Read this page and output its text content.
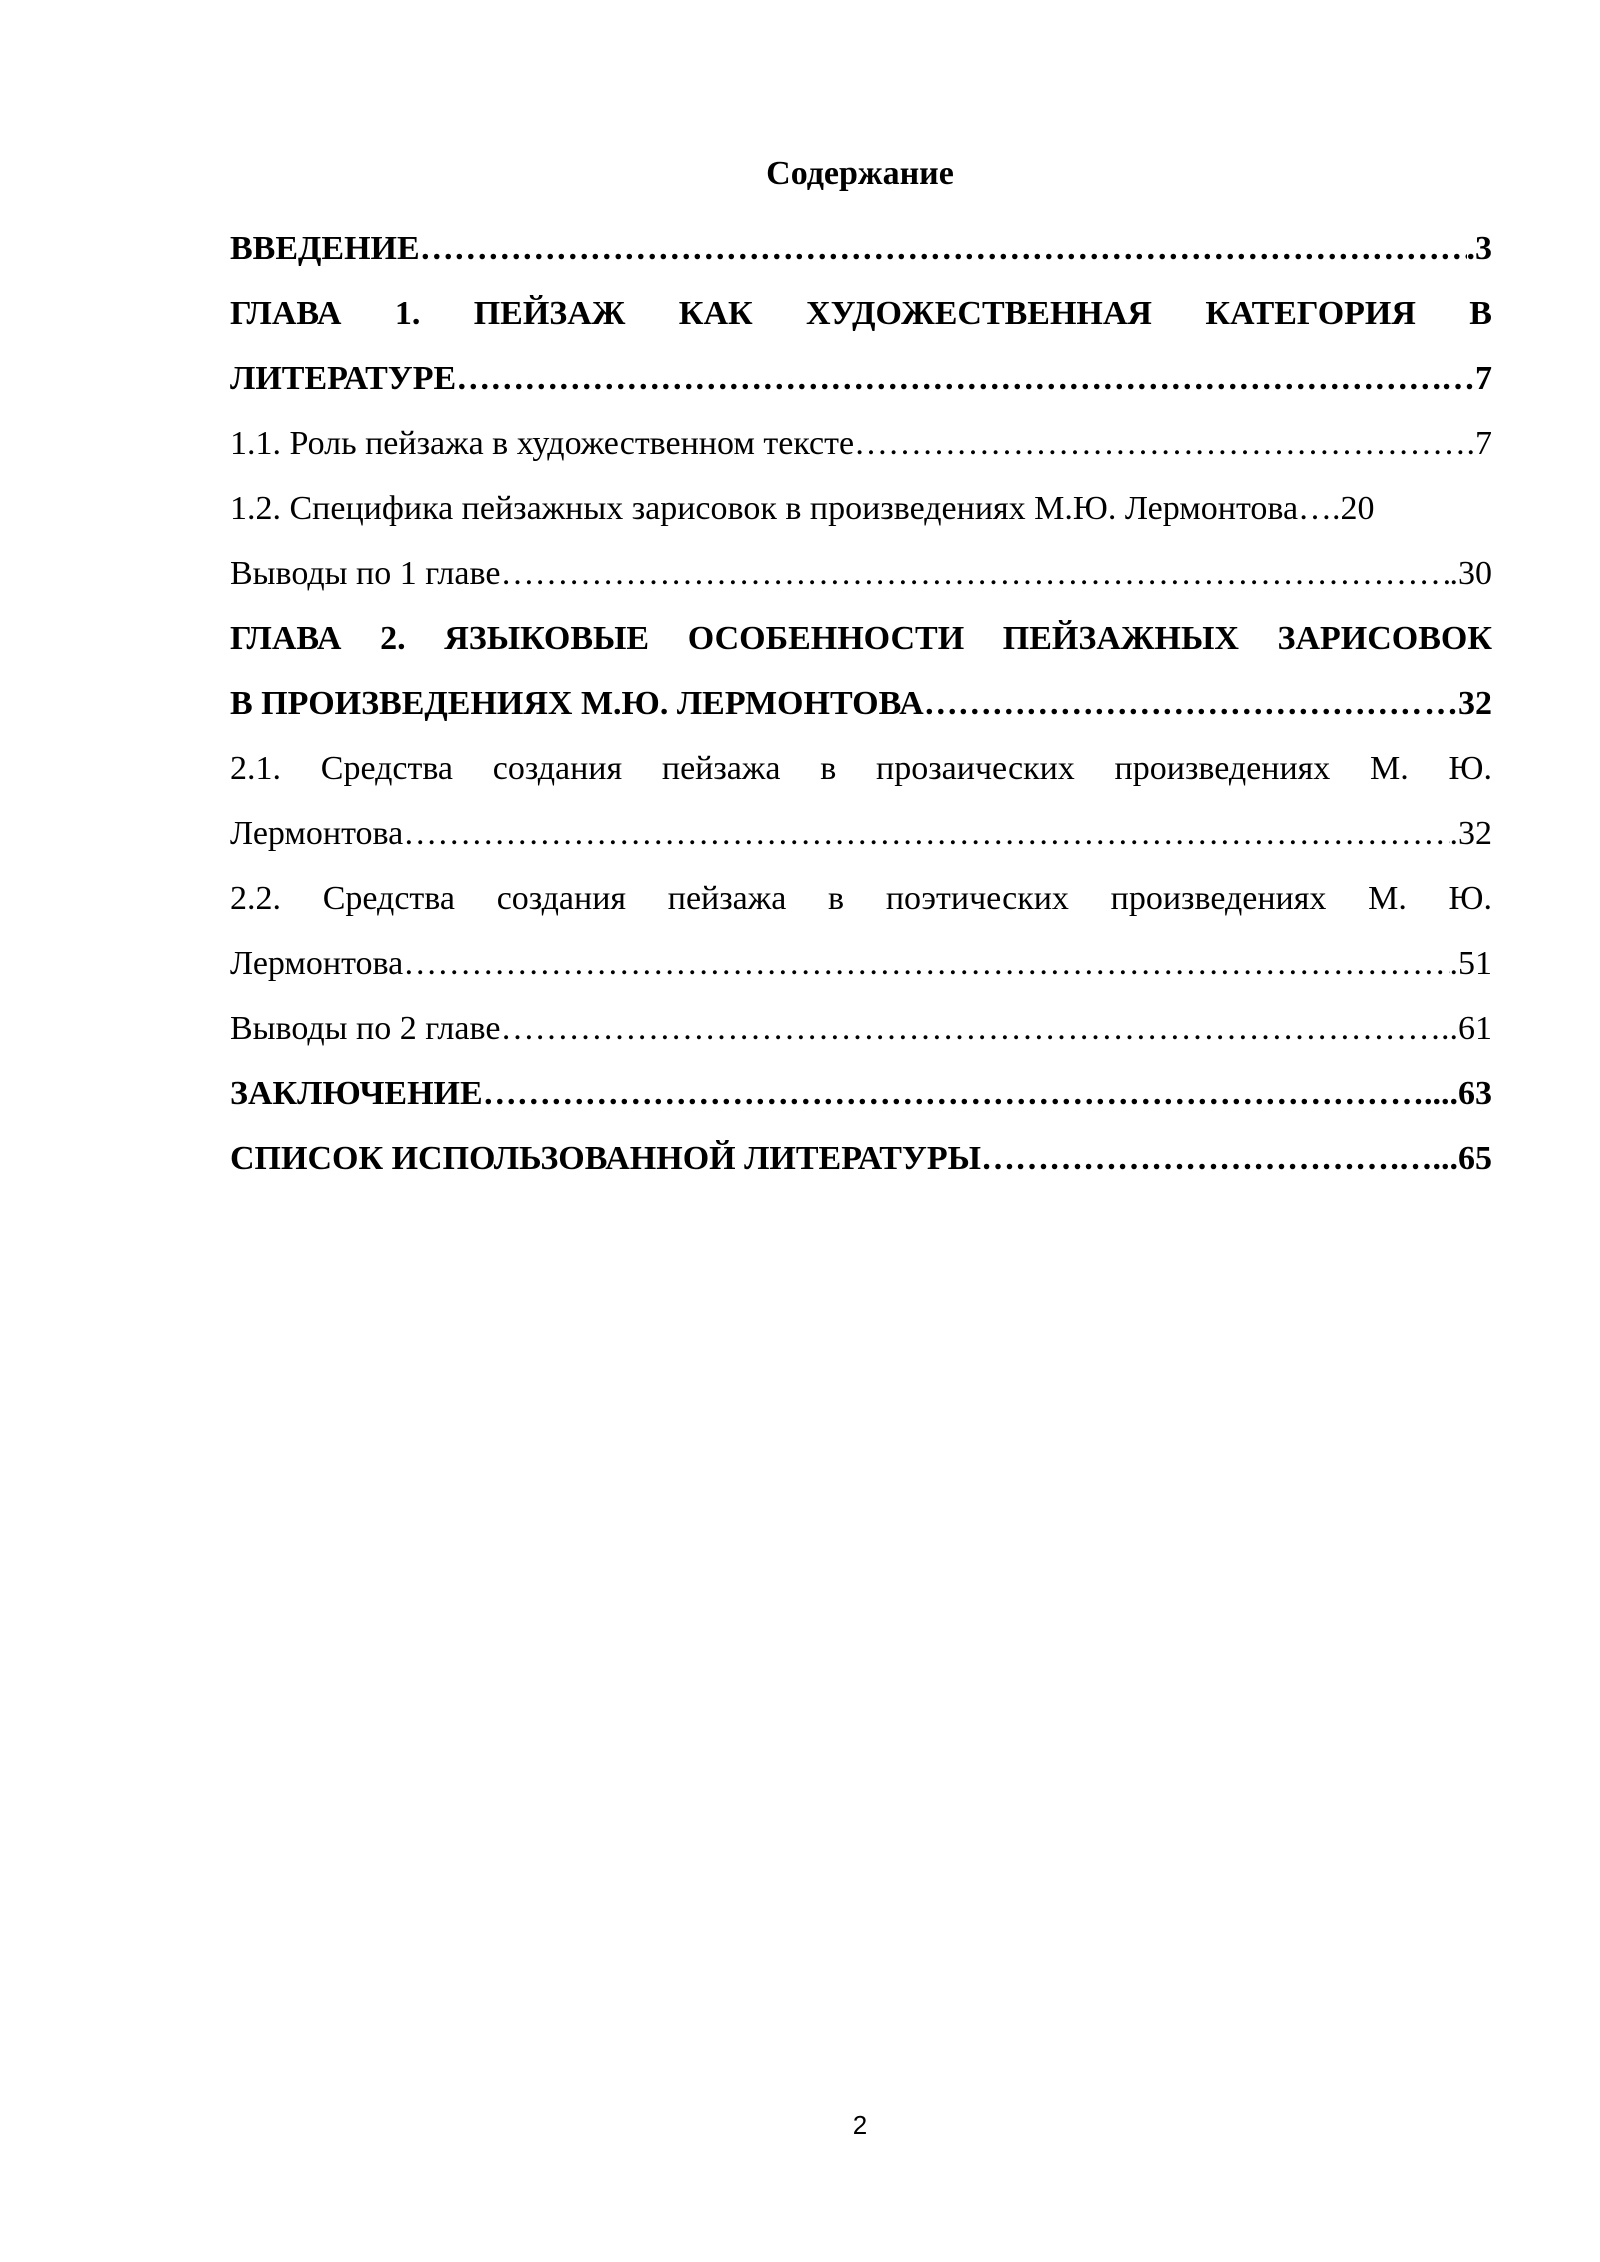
Содержание
ВВЕДЕНИЕ ……………………………………………………………………………………………………………………………………………………………………………………………………	.3
ГЛАВА 1. ПЕЙЗАЖ КАК ХУДОЖЕСТВЕННАЯ КАТЕГОРИЯ В
ЛИТЕРАТУРЕ ……………………………………………………………………………………………………………………………………………………………………………………………………	…7
1.1. Роль пейзажа в художественном тексте ……………………………………………………………………………………………………………………………………………………………………………………………………	.7
1.2. Специфика пейзажных зарисовок в произведениях М.Ю. Лермонтова ….20
Выводы по 1 главе ……………………………………………………………………………………………………………………………………………………………………………………………………	.30
ГЛАВА 2. ЯЗЫКОВЫЕ ОСОБЕННОСТИ ПЕЙЗАЖНЫХ ЗАРИСОВОК
В ПРОИЗВЕДЕНИЯХ М.Ю. ЛЕРМОНТОВА ……………………………………………………………………………………………………………………………………………………………………………………………………	…32
2.1. Средства создания пейзажа в прозаических произведениях М. Ю.
Лермонтова ……………………………………………………………………………………………………………………………………………………………………………………………………	.32
2.2. Средства создания пейзажа в поэтических произведениях М. Ю.
Лермонтова ……………………………………………………………………………………………………………………………………………………………………………………………………	.51
Выводы по 2 главе ……………………………………………………………………………………………………………………………………………………………………………………………………	..61
ЗАКЛЮЧЕНИЕ ……………………………………………………………………………………………………………………………………………………………………………………………………	…....63
СПИСОК ИСПОЛЬЗОВАННОЙ ЛИТЕРАТУРЫ ……………………………………………………………………………………………………………………………………………………………………………………………………	…...65
2
